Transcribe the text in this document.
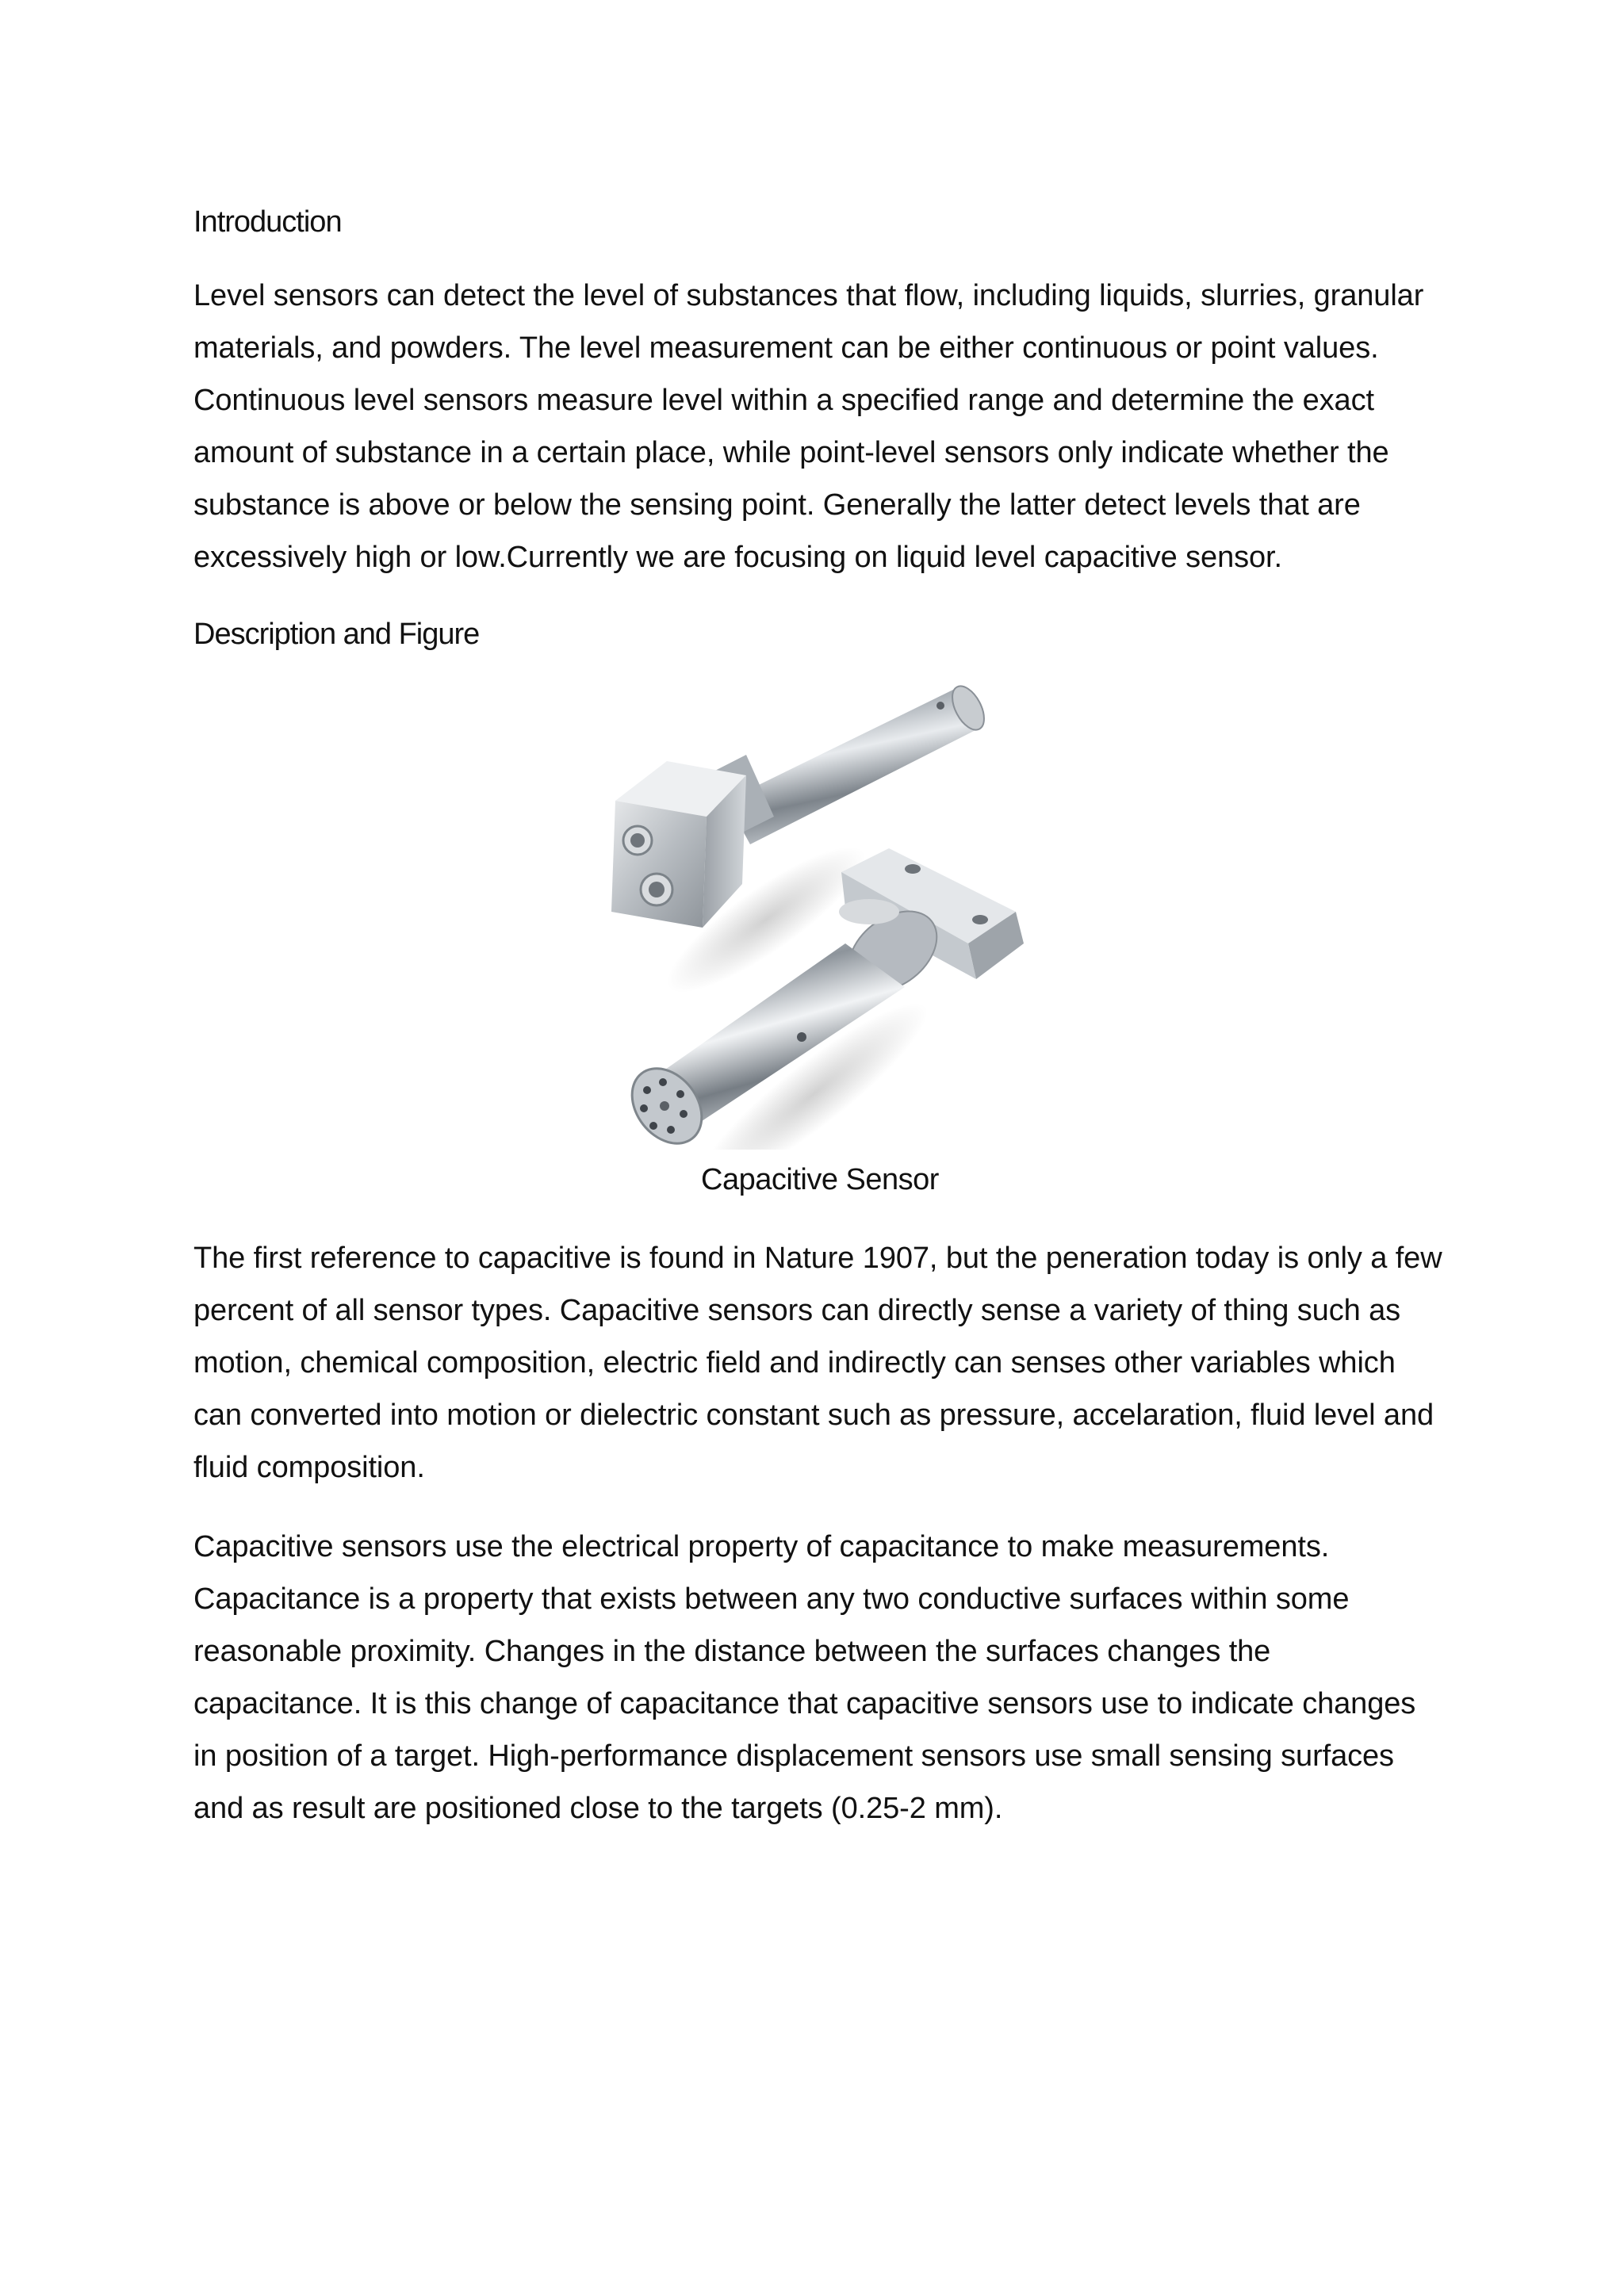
Introduction

Level sensors can detect the level of substances that flow, including liquids, slurries, granular materials, and powders. The level measurement can be either continuous or point values. Continuous level sensors measure level within a specified range and determine the exact amount of substance in a certain place, while point-level sensors only indicate whether the substance is above or below the sensing point. Generally the latter detect levels that are excessively high or low.Currently we are focusing on liquid level capacitive sensor.

Description and Figure
Capacitive Sensor

The first reference to capacitive is found in Nature 1907, but the peneration today is only a few percent of all sensor types. Capacitive sensors can directly sense a variety of thing such as motion, chemical composition, electric field and indirectly can senses other variables which can converted into motion or dielectric constant such as pressure, accelaration, fluid level and fluid composition.

Capacitive sensors use the electrical property of capacitance to make measurements. Capacitance is a property that exists between any two conductive surfaces within some reasonable proximity. Changes in the distance between the surfaces changes the capacitance. It is this change of capacitance that capacitive sensors use to indicate changes in position of a target. High-performance displacement sensors use small sensing surfaces and as result are positioned close to the targets (0.25-2 mm).
